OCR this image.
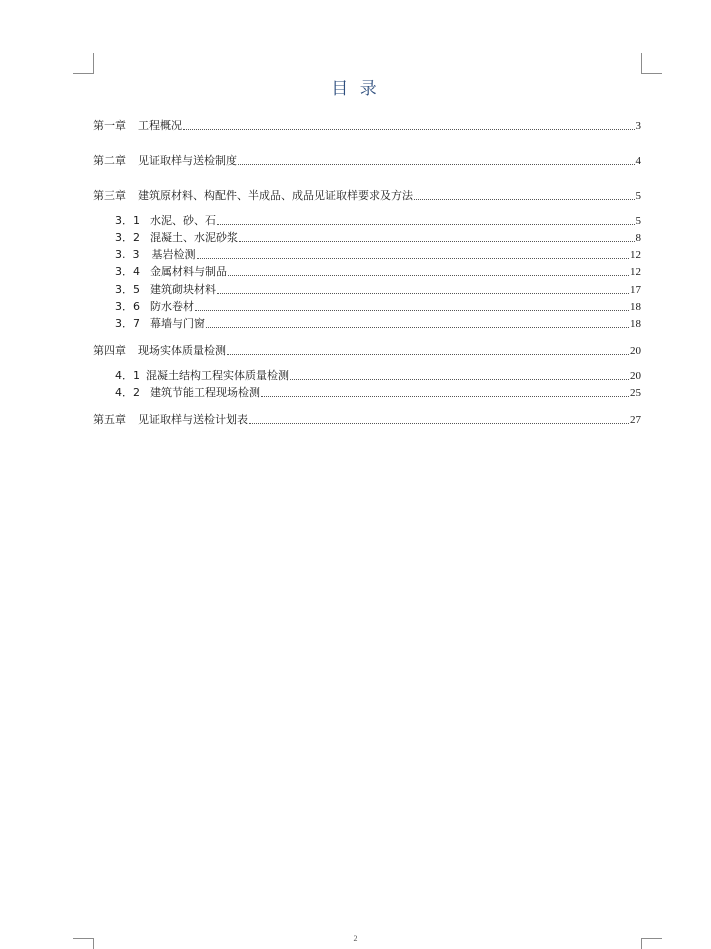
目 录
第一章 工程概况	3
第二章 见证取样与送检制度	4
第三章 建筑原材料、构配件、半成品、成品见证取样要求及方法	5
3．1 水泥、砂、石	5
3．2 混凝土、水泥砂浆	8
3.  3 基岩检测	12
3．4 金属材料与制品	12
3．5 建筑砌块材料	17
3．6 防水卷材	18
3．7 幕墙与门窗	18
第四章 现场实体质量检测	20
4．1 混凝土结构工程实体质量检测	20
4．2 建筑节能工程现场检测	25
第五章 见证取样与送检计划表	27
2
